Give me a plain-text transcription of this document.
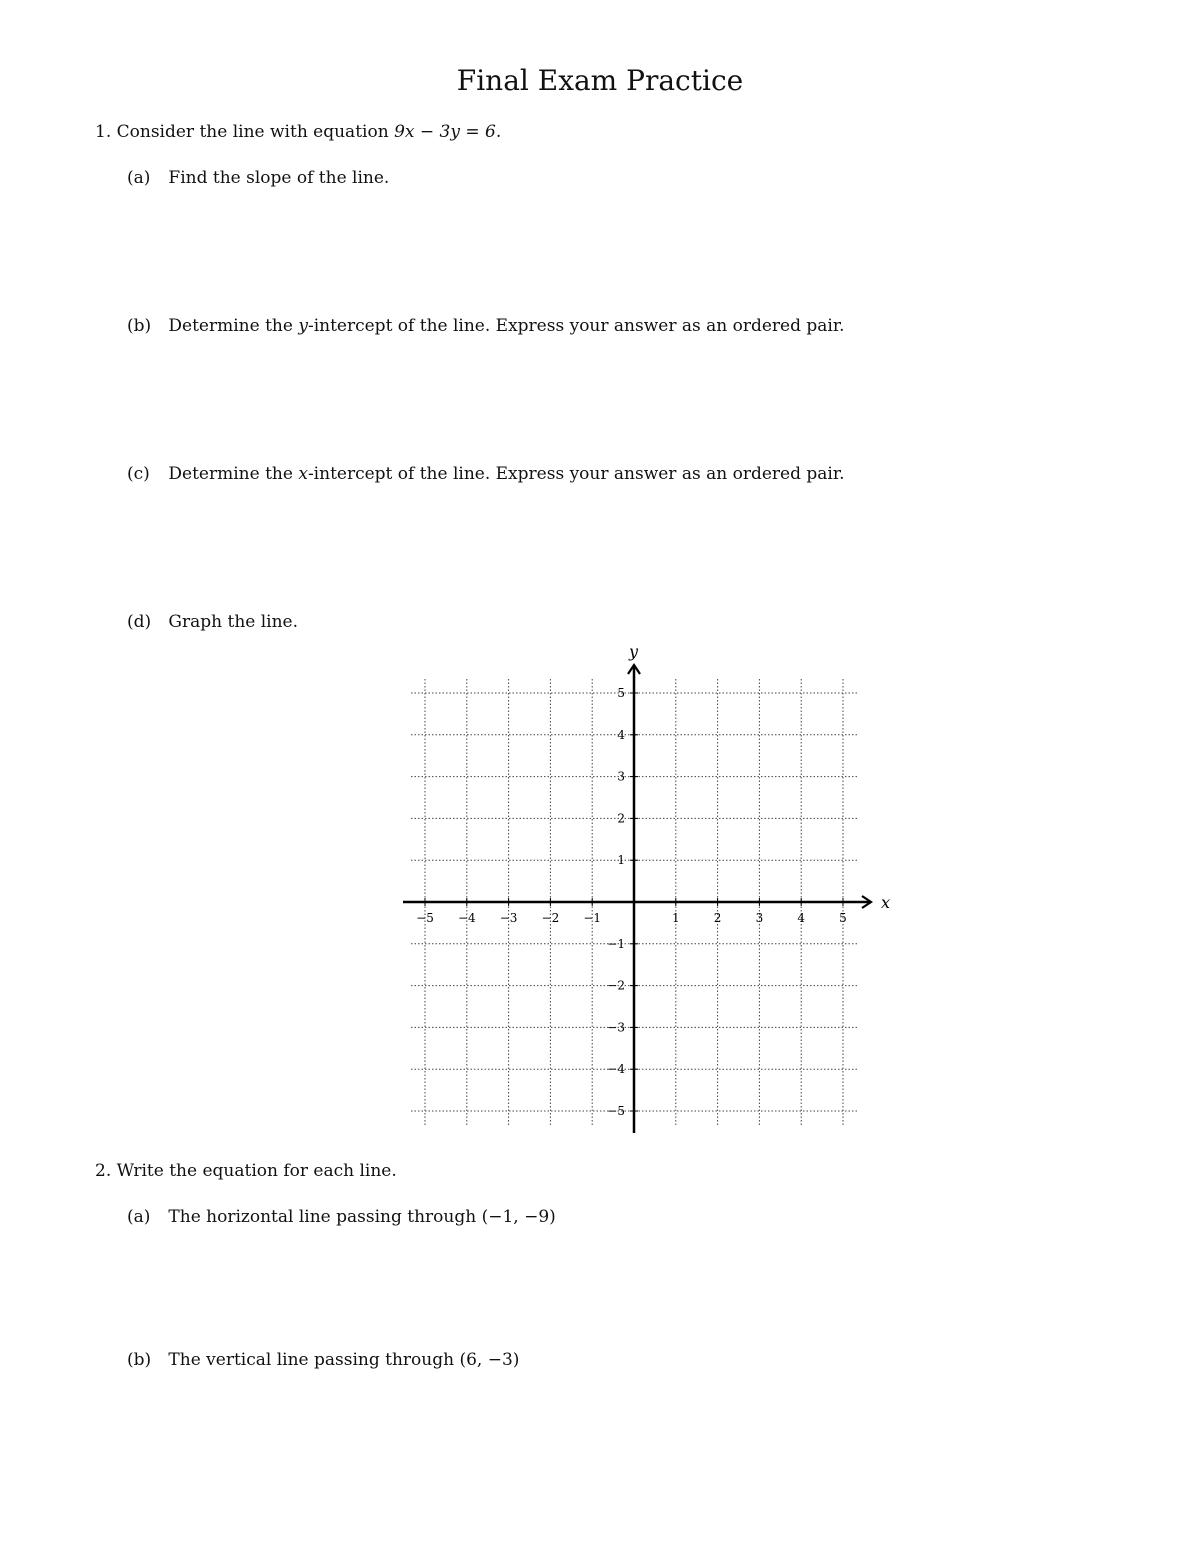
Final Exam Practice
1. Consider the line with equation 9x − 3y = 6.
(a) Find the slope of the line.
(b) Determine the y-intercept of the line. Express your answer as an ordered pair.
(c) Determine the x-intercept of the line. Express your answer as an ordered pair.
(d) Graph the line.
−5 −4 −3 −2 −1	1	2	3	4	5
5
4
3
2
1
−1
−2
−3
−4
−5
x
y
2. Write the equation for each line.
(a) The horizontal line passing through (−1, −9)
(b) The vertical line passing through (6, −3)
